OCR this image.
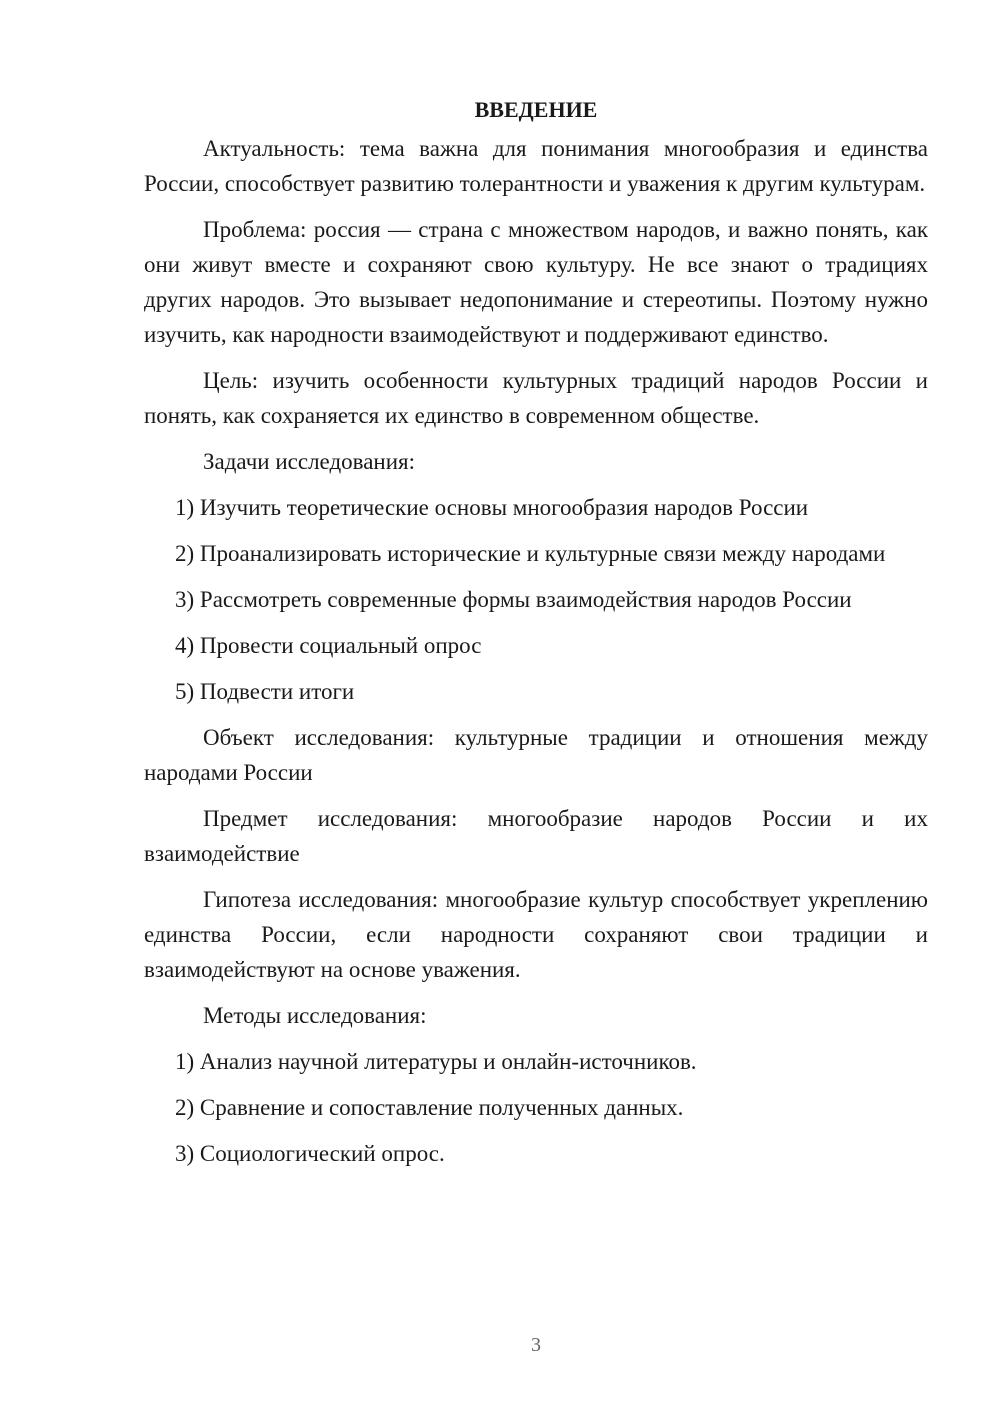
ВВЕДЕНИЕ

Актуальность: тема важна для понимания многообразия и единства России, способствует развитию толерантности и уважения к другим культурам.

Проблема: россия — страна с множеством народов, и важно понять, как они живут вместе и сохраняют свою культуру. Не все знают о традициях других народов. Это вызывает недопонимание и стереотипы. Поэтому нужно изучить, как народности взаимодействуют и поддерживают единство.

Цель: изучить особенности культурных традиций народов России и понять, как сохраняется их единство в современном обществе.

Задачи исследования:

1) Изучить теоретические основы многообразия народов России

2) Проанализировать исторические и культурные связи между народами

3) Рассмотреть современные формы взаимодействия народов России

4) Провести социальный опрос

5) Подвести итоги

Объект исследования: культурные традиции и отношения между народами России

Предмет исследования: многообразие народов России и их взаимодействие

Гипотеза исследования: многообразие культур способствует укреплению единства России, если народности сохраняют свои традиции и взаимодействуют на основе уважения.

Методы исследования:

1) Анализ научной литературы и онлайн-источников.

2) Сравнение и сопоставление полученных данных.

3) Социологический опрос.

3
